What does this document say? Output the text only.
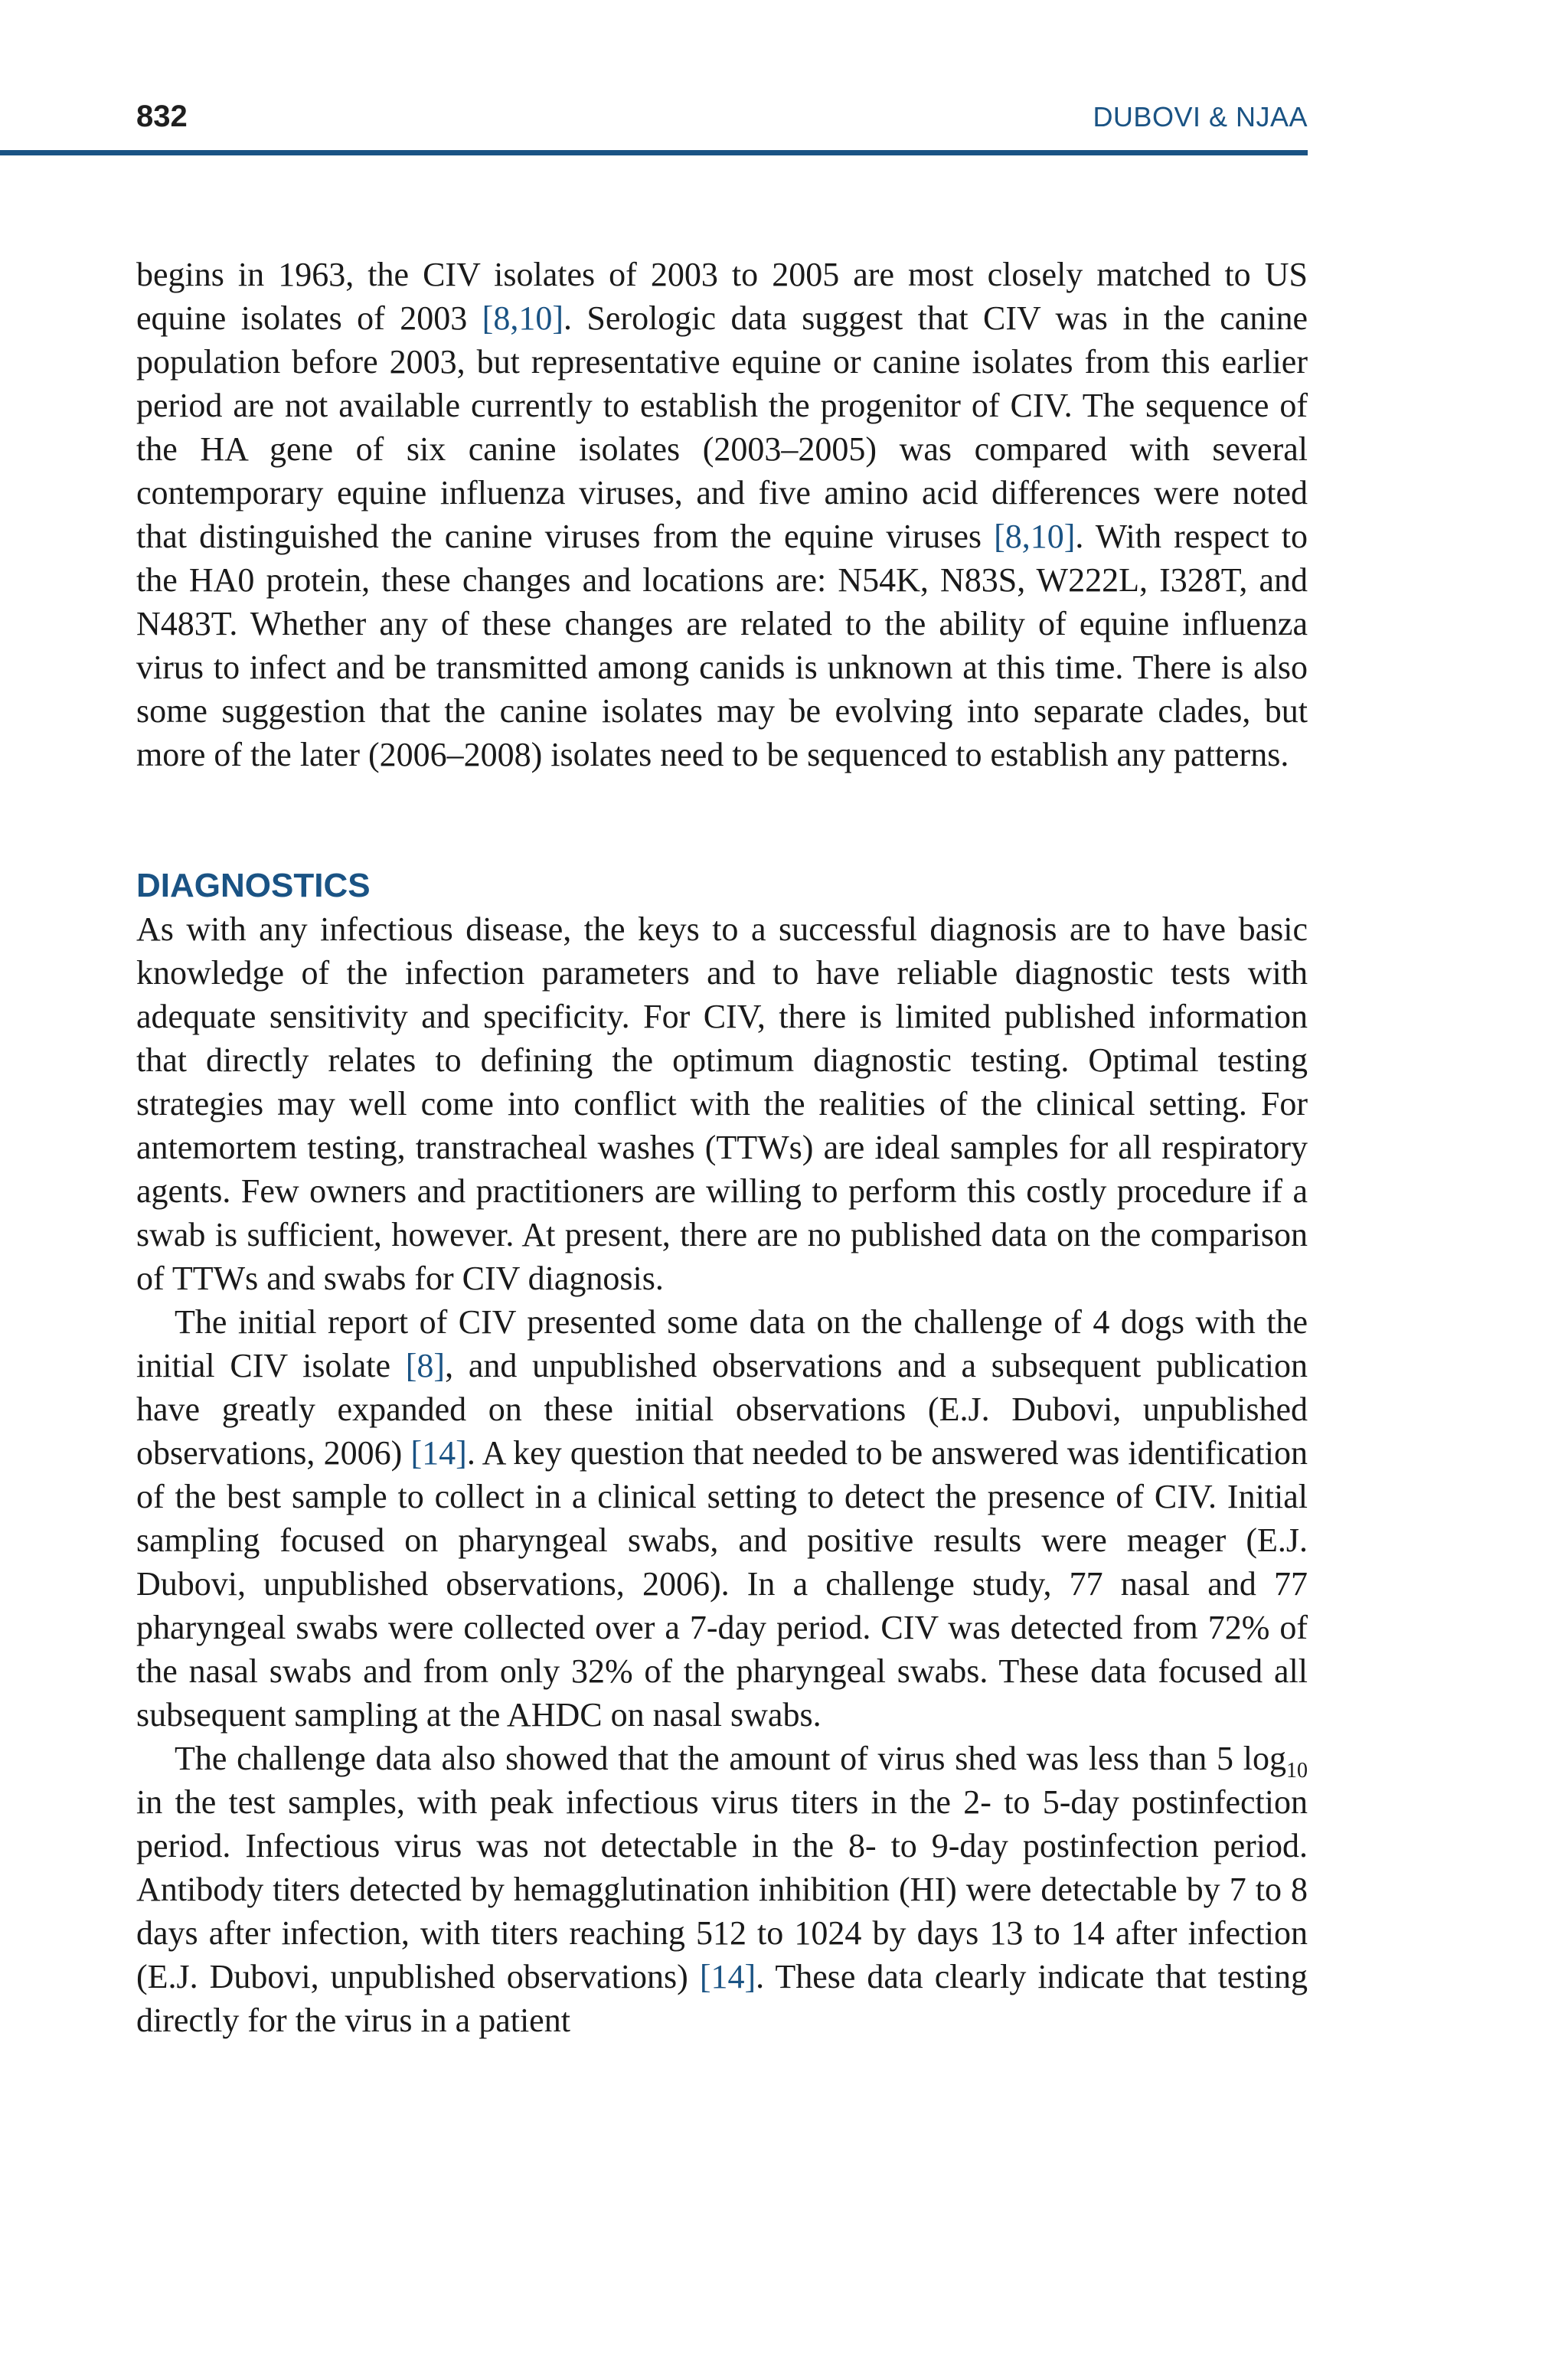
832	DUBOVI & NJAA

begins in 1963, the CIV isolates of 2003 to 2005 are most closely matched to US equine isolates of 2003 [8,10]. Serologic data suggest that CIV was in the canine population before 2003, but representative equine or canine isolates from this earlier period are not available currently to establish the progenitor of CIV. The sequence of the HA gene of six canine isolates (2003–2005) was compared with several contemporary equine influenza viruses, and five amino acid differences were noted that distinguished the canine viruses from the equine viruses [8,10]. With respect to the HA0 protein, these changes and locations are: N54K, N83S, W222L, I328T, and N483T. Whether any of these changes are related to the ability of equine influenza virus to infect and be transmitted among canids is unknown at this time. There is also some suggestion that the canine isolates may be evolving into separate clades, but more of the later (2006–2008) isolates need to be sequenced to establish any patterns.

DIAGNOSTICS

As with any infectious disease, the keys to a successful diagnosis are to have basic knowledge of the infection parameters and to have reliable diagnostic tests with adequate sensitivity and specificity. For CIV, there is limited published information that directly relates to defining the optimum diagnostic testing. Optimal testing strategies may well come into conflict with the realities of the clinical setting. For antemortem testing, transtracheal washes (TTWs) are ideal samples for all respiratory agents. Few owners and practitioners are willing to perform this costly procedure if a swab is sufficient, however. At present, there are no published data on the comparison of TTWs and swabs for CIV diagnosis.

The initial report of CIV presented some data on the challenge of 4 dogs with the initial CIV isolate [8], and unpublished observations and a subsequent publication have greatly expanded on these initial observations (E.J. Dubovi, unpublished observations, 2006) [14]. A key question that needed to be answered was identification of the best sample to collect in a clinical setting to detect the presence of CIV. Initial sampling focused on pharyngeal swabs, and positive results were meager (E.J. Dubovi, unpublished observations, 2006). In a challenge study, 77 nasal and 77 pharyngeal swabs were collected over a 7-day period. CIV was detected from 72% of the nasal swabs and from only 32% of the pharyngeal swabs. These data focused all subsequent sampling at the AHDC on nasal swabs.

The challenge data also showed that the amount of virus shed was less than 5 $\log_{10}$ in the test samples, with peak infectious virus titers in the 2- to 5-day postinfection period. Infectious virus was not detectable in the 8- to 9-day postinfection period. Antibody titers detected by hemagglutination inhibition (HI) were detectable by 7 to 8 days after infection, with titers reaching 512 to 1024 by days 13 to 14 after infection (E.J. Dubovi, unpublished observations) [14]. These data clearly indicate that testing directly for the virus in a patient
